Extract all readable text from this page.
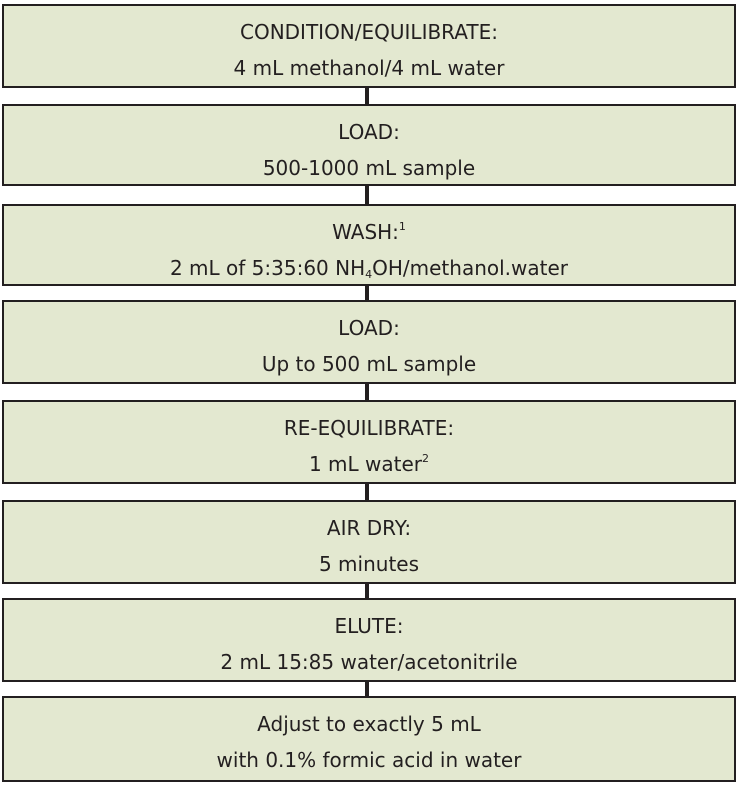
CONDITION/EQUILIBRATE:
4 mL methanol/4 mL water
LOAD:
500-1000 mL sample
WASH:$^1$
2 mL of 5:35:60 $NH_4OH/methanol.water$
LOAD:
Up to 500 mL sample
RE-EQUILIBRATE:
1 mL water$^2$
AIR DRY:
5 minutes
ELUTE:
2 mL 15:85 water/acetonitrile
Adjust to exactly 5 mL
with 0.1% formic acid in water
